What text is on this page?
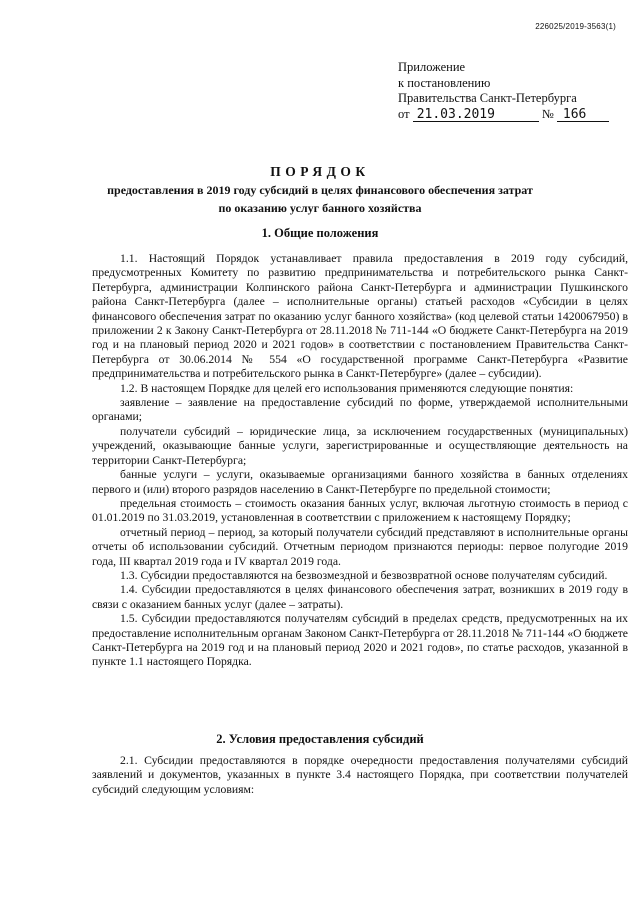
226025/2019-3563(1)
Приложение
к постановлению
Правительства Санкт-Петербурга
от 21.03.2019	№ 166
ПОРЯДОК
предоставления в 2019 году субсидий в целях финансового обеспечения затрат
по оказанию услуг банного хозяйства
1. Общие положения

1.1. Настоящий Порядок устанавливает правила предоставления в 2019 году субсидий, предусмотренных Комитету по развитию предпринимательства и потребительского рынка Санкт-Петербурга, администрации Колпинского района Санкт-Петербурга и администрации Пушкинского района Санкт-Петербурга (далее – исполнительные органы) статьей расходов «Субсидии в целях финансового обеспечения затрат по оказанию услуг банного хозяйства» (код целевой статьи 1420067950) в приложении 2 к Закону Санкт-Петербурга от 28.11.2018 № 711-144 «О бюджете Санкт-Петербурга на 2019 год и на плановый период 2020 и 2021 годов» в соответствии с постановлением Правительства Санкт-Петербурга от 30.06.2014 № 554 «О государственной программе Санкт-Петербурга «Развитие предпринимательства и потребительского рынка в Санкт-Петербурге» (далее – субсидии).

1.2. В настоящем Порядке для целей его использования применяются следующие понятия:

заявление – заявление на предоставление субсидий по форме, утверждаемой исполнительными органами;

получатели субсидий – юридические лица, за исключением государственных (муниципальных) учреждений, оказывающие банные услуги, зарегистрированные и осуществляющие деятельность на территории Санкт-Петербурга;

банные услуги – услуги, оказываемые организациями банного хозяйства в банных отделениях первого и (или) второго разрядов населению в Санкт-Петербурге по предельной стоимости;

предельная стоимость – стоимость оказания банных услуг, включая льготную стоимость в период с 01.01.2019 по 31.03.2019, установленная в соответствии с приложением к настоящему Порядку;

отчетный период – период, за который получатели субсидий представляют в исполнительные органы отчеты об использовании субсидий. Отчетным периодом признаются периоды: первое полугодие 2019 года, III квартал 2019 года и IV квартал 2019 года.

1.3. Субсидии предоставляются на безвозмездной и безвозвратной основе получателям субсидий.

1.4. Субсидии предоставляются в целях финансового обеспечения затрат, возникших в 2019 году в связи с оказанием банных услуг (далее – затраты).

1.5. Субсидии предоставляются получателям субсидий в пределах средств, предусмотренных на их предоставление исполнительным органам Законом Санкт-Петербурга от 28.11.2018 № 711-144 «О бюджете Санкт-Петербурга на 2019 год и на плановый период 2020 и 2021 годов», по статье расходов, указанной в пункте 1.1 настоящего Порядка.

2. Условия предоставления субсидий

2.1. Субсидии предоставляются в порядке очередности предоставления получателями субсидий заявлений и документов, указанных в пункте 3.4 настоящего Порядка, при соответствии получателей субсидий следующим условиям:
